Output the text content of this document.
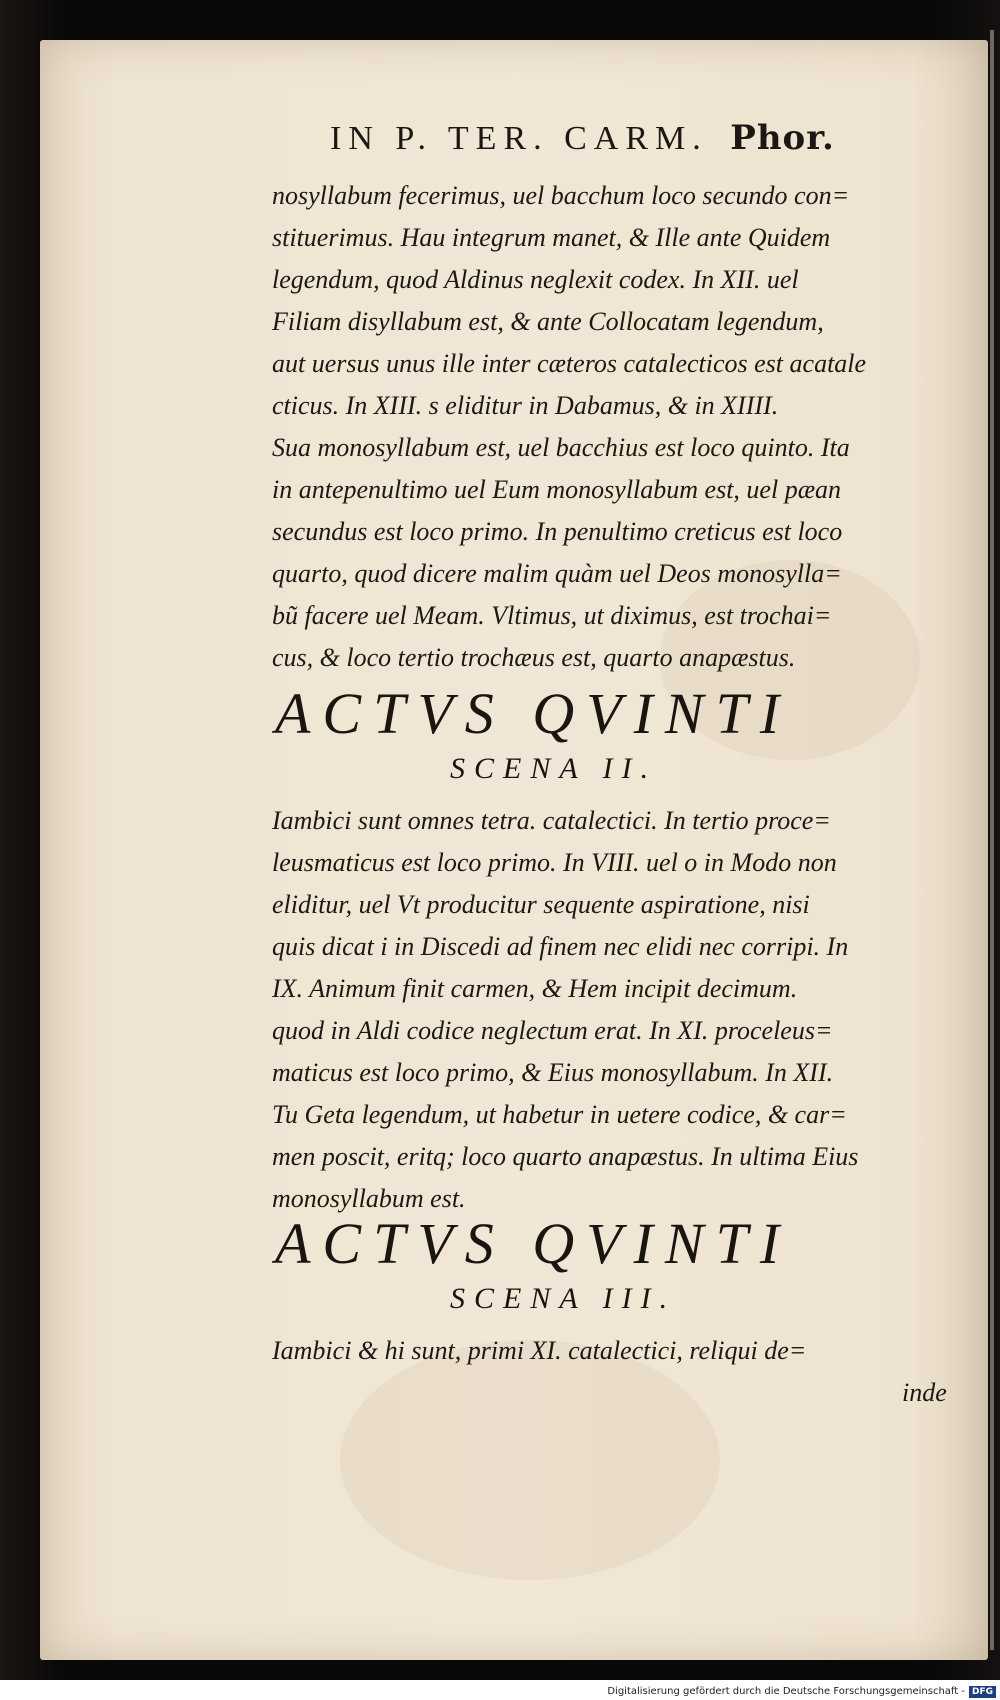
IN P. TER. CARM. Phor.
nosyllabum fecerimus, uel bacchum loco secundo con=
stituerimus. Hau integrum manet, & Ille ante Quidem
legendum, quod Aldinus neglexit codex. In XII. uel
Filiam disyllabum est, & ante Collocatam legendum,
aut uersus unus ille inter cæteros catalecticos est acatale
cticus. In XIII. s eliditur in Dabamus, & in XIIII.
Sua monosyllabum est, uel bacchius est loco quinto. Ita
in antepenultimo uel Eum monosyllabum est, uel pæan
secundus est loco primo. In penultimo creticus est loco
quarto, quod dicere malim quàm uel Deos monosylla=
bũ facere uel Meam. Vltimus, ut diximus, est trochai=
cus, & loco tertio trochæus est, quarto anapæstus.
ACTVS QVINTI
SCENA II.
Iambici sunt omnes tetra. catalectici. In tertio proce=
leusmaticus est loco primo. In VIII. uel o in Modo non
eliditur, uel Vt producitur sequente aspiratione, nisi
quis dicat i in Discedi ad finem nec elidi nec corripi. In
IX. Animum finit carmen, & Hem incipit decimum.
quod in Aldi codice neglectum erat. In XI. proceleus=
maticus est loco primo, & Eius monosyllabum. In XII.
Tu Geta legendum, ut habetur in uetere codice, & car=
men poscit, eritq; loco quarto anapæstus. In ultima Eius
monosyllabum est.
ACTVS QVINTI
SCENA III.
Iambici & hi sunt, primi XI. catalectici, reliqui de=
inde
Digitalisierung gefördert durch die Deutsche Forschungsgemeinschaft - DFG
